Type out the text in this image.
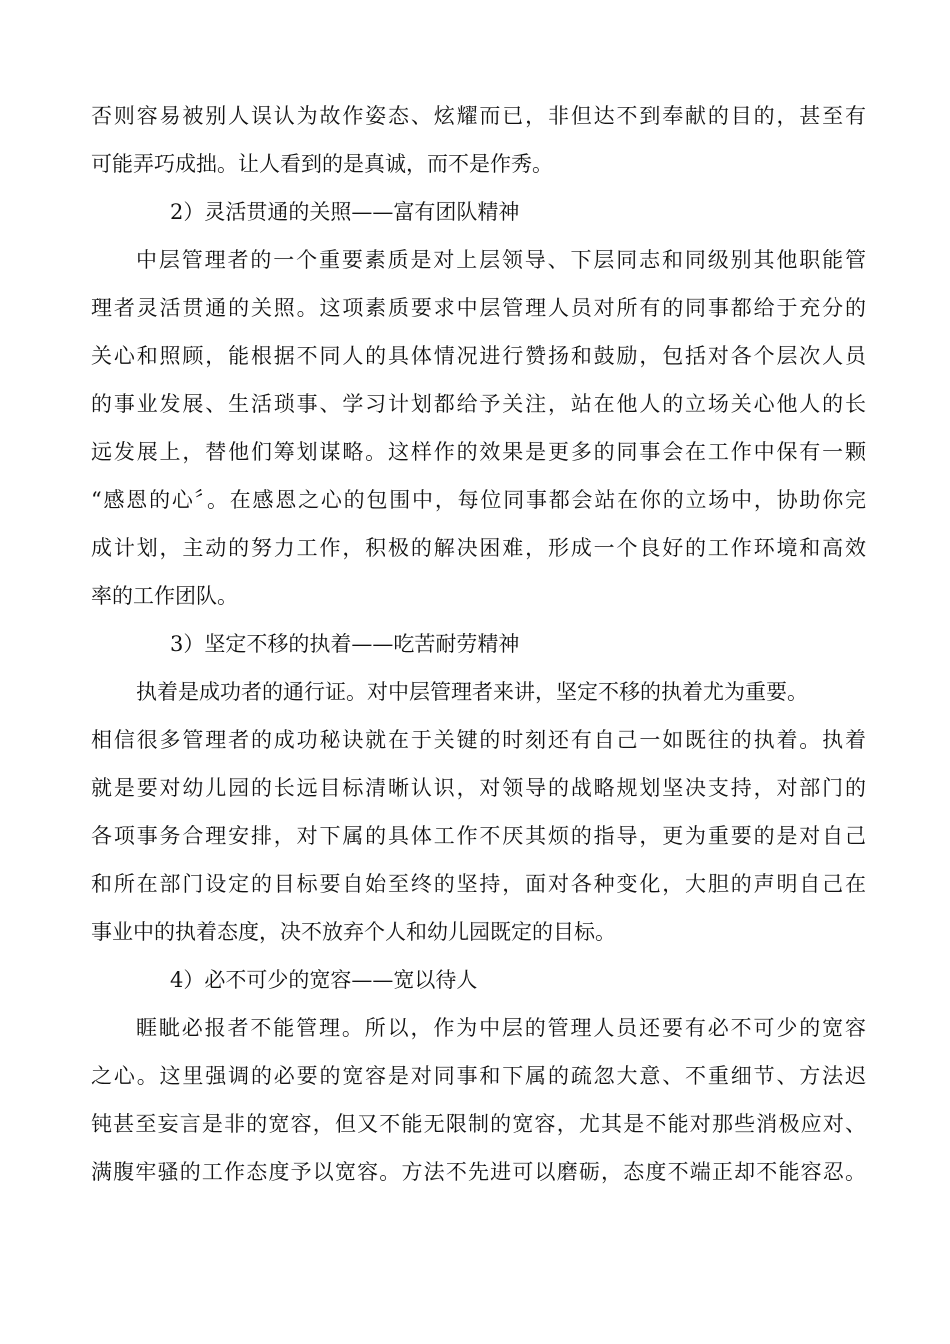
否则容易被别人误认为故作姿态、炫耀而已，非但达不到奉献的目的，甚至有
可能弄巧成拙。让人看到的是真诚，而不是作秀。
2）灵活贯通的关照——富有团队精神
中层管理者的一个重要素质是对上层领导、下层同志和同级别其他职能管
理者灵活贯通的关照。这项素质要求中层管理人员对所有的同事都给于充分的
关心和照顾，能根据不同人的具体情况进行赞扬和鼓励，包括对各个层次人员
的事业发展、生活琐事、学习计划都给予关注，站在他人的立场关心他人的长
远发展上，替他们筹划谋略。这样作的效果是更多的同事会在工作中保有一颗
“感恩的心〞。在感恩之心的包围中，每位同事都会站在你的立场中，协助你完
成计划，主动的努力工作，积极的解决困难，形成一个良好的工作环境和高效
率的工作团队。
3）坚定不移的执着——吃苦耐劳精神
执着是成功者的通行证。对中层管理者来讲，坚定不移的执着尤为重要。
相信很多管理者的成功秘诀就在于关键的时刻还有自己一如既往的执着。执着
就是要对幼儿园的长远目标清晰认识，对领导的战略规划坚决支持，对部门的
各项事务合理安排，对下属的具体工作不厌其烦的指导，更为重要的是对自己
和所在部门设定的目标要自始至终的坚持，面对各种变化，大胆的声明自己在
事业中的执着态度，决不放弃个人和幼儿园既定的目标。
4）必不可少的宽容——宽以待人
睚眦必报者不能管理。所以，作为中层的管理人员还要有必不可少的宽容
之心。这里强调的必要的宽容是对同事和下属的疏忽大意、不重细节、方法迟
钝甚至妄言是非的宽容，但又不能无限制的宽容，尤其是不能对那些消极应对、
满腹牢骚的工作态度予以宽容。方法不先进可以磨砺，态度不端正却不能容忍。
